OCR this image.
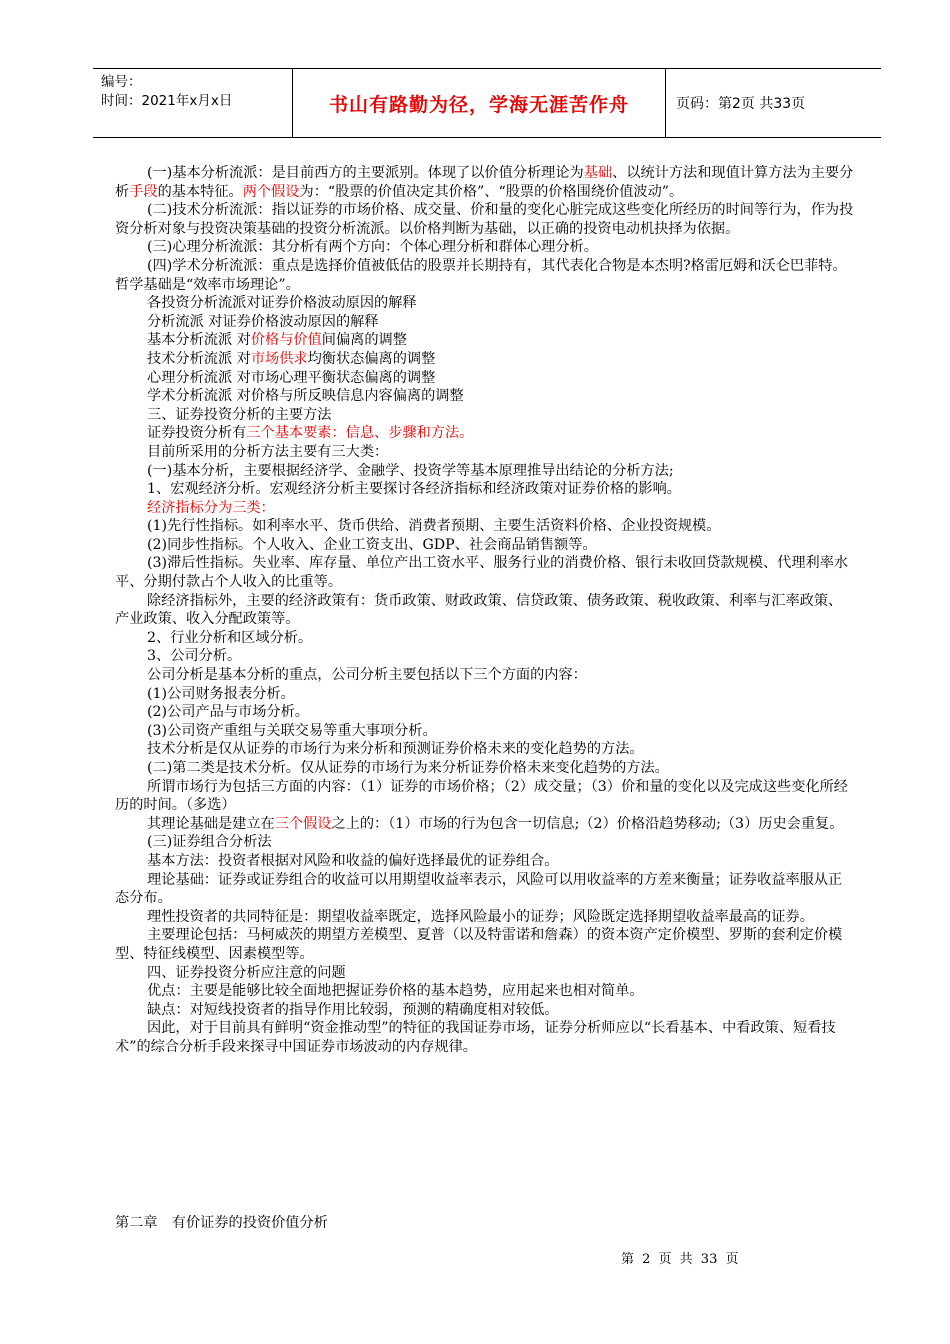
编号：
时间：2021年x月x日	书山有路勤为径，学海无涯苦作舟	页码：第2页 共33页
(一)基本分析流派：是目前西方的主要派别。体现了以价值分析理论为基础、以统计方法和现值计算方法为主要分析手段的基本特征。两个假设为：“股票的价值决定其价格”、“股票的价格围绕价值波动”。
(二)技术分析流派：指以证券的市场价格、成交量、价和量的变化心脏完成这些变化所经历的时间等行为，作为投资分析对象与投资决策基础的投资分析流派。以价格判断为基础，以正确的投资电动机抉择为依据。
(三)心理分析流派：其分析有两个方向：个体心理分析和群体心理分析。
(四)学术分析流派：重点是选择价值被低估的股票并长期持有，其代表化合物是本杰明?格雷厄姆和沃仑巴菲特。哲学基础是“效率市场理论”。
各投资分析流派对证券价格波动原因的解释
分析流派 对证券价格波动原因的解释
基本分析流派 对价格与价值间偏离的调整
技术分析流派 对市场供求均衡状态偏离的调整
心理分析流派 对市场心理平衡状态偏离的调整
学术分析流派 对价格与所反映信息内容偏离的调整
三、证券投资分析的主要方法
证券投资分析有三个基本要素：信息、步骤和方法。
目前所采用的分析方法主要有三大类：
(一)基本分析，主要根据经济学、金融学、投资学等基本原理推导出结论的分析方法;
1、宏观经济分析。宏观经济分析主要探讨各经济指标和经济政策对证券价格的影响。
经济指标分为三类：
(1)先行性指标。如利率水平、货币供给、消费者预期、主要生活资料价格、企业投资规模。
(2)同步性指标。个人收入、企业工资支出、GDP、社会商品销售额等。
(3)滞后性指标。失业率、库存量、单位产出工资水平、服务行业的消费价格、银行未收回贷款规模、代理利率水平、分期付款占个人收入的比重等。
除经济指标外，主要的经济政策有：货币政策、财政政策、信贷政策、债务政策、税收政策、利率与汇率政策、产业政策、收入分配政策等。
2、行业分析和区域分析。
3、公司分析。
公司分析是基本分析的重点，公司分析主要包括以下三个方面的内容：
(1)公司财务报表分析。
(2)公司产品与市场分析。
(3)公司资产重组与关联交易等重大事项分析。
技术分析是仅从证券的市场行为来分析和预测证券价格未来的变化趋势的方法。
(二)第二类是技术分析。仅从证券的市场行为来分析证券价格未来变化趋势的方法。
所谓市场行为包括三方面的内容：（1）证券的市场价格；（2）成交量；（3）价和量的变化以及完成这些变化所经历的时间。（多选）
其理论基础是建立在三个假设之上的：（1）市场的行为包含一切信息;（2）价格沿趋势移动;（3）历史会重复。
(三)证券组合分析法
基本方法：投资者根据对风险和收益的偏好选择最优的证券组合。
理论基础：证券或证券组合的收益可以用期望收益率表示，风险可以用收益率的方差来衡量；证券收益率服从正态分布。
理性投资者的共同特征是：期望收益率既定，选择风险最小的证券；风险既定选择期望收益率最高的证券。
主要理论包括：马柯威茨的期望方差模型、夏普（以及特雷诺和詹森）的资本资产定价模型、罗斯的套利定价模型、特征线模型、因素模型等。
四、证券投资分析应注意的问题
优点：主要是能够比较全面地把握证券价格的基本趋势，应用起来也相对简单。
缺点：对短线投资者的指导作用比较弱，预测的精确度相对较低。
因此，对于目前具有鲜明“资金推动型”的特征的我国证券市场，证券分析师应以“长看基本、中看政策、短看技术”的综合分析手段来探寻中国证券市场波动的内存规律。
第二章　有价证券的投资价值分析
第 2 页 共 33 页
